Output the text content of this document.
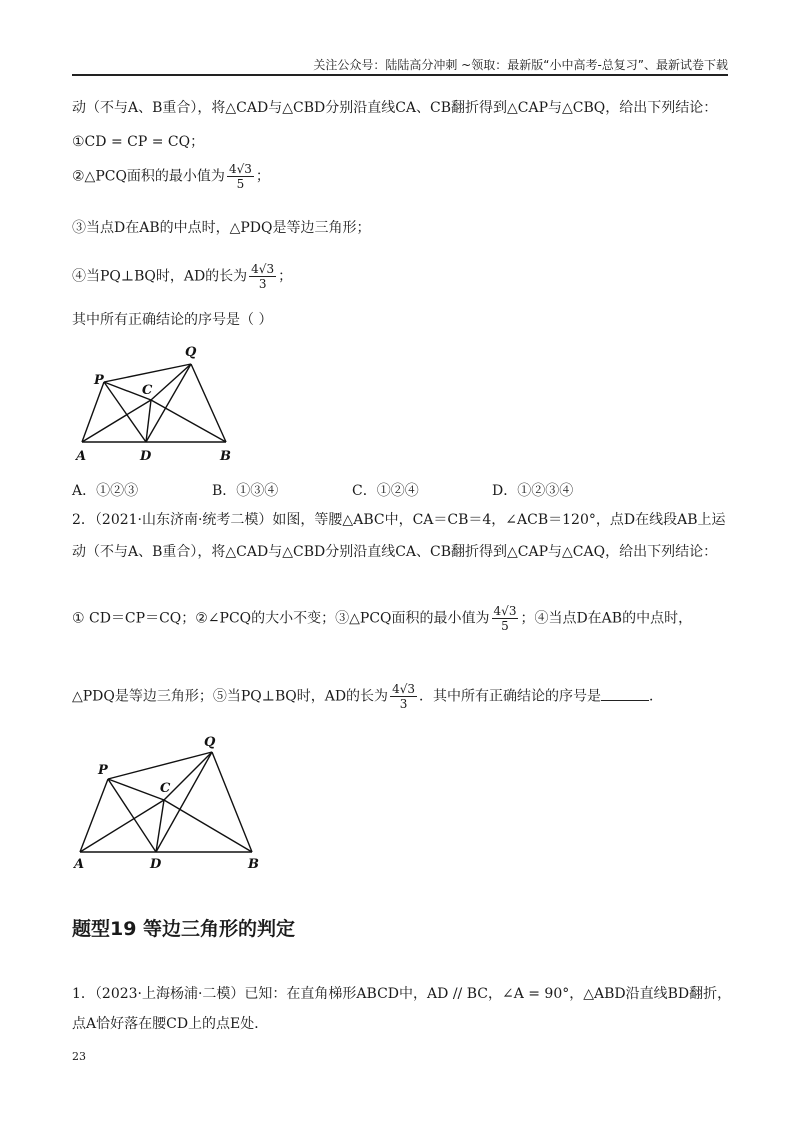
关注公众号：陆陆高分冲刺 ~领取：最新版“小中高考-总复习”、最新试卷下载
动（不与A、B重合），将△CAD与△CBD分别沿直线CA、CB翻折得到△CAP与△CBQ，给出下列结论：
①CD = CP = CQ；
②△PCQ面积的最小值为 $\frac{4√3}{5}$ ；
③当点D在AB的中点时，△PDQ是等边三角形；
④当PQ⊥BQ时，AD的长为 $\frac{4√3}{3}$ ；
其中所有正确结论的序号是（ ）
Q
P
C
A	D	B
A．①②③	B．①③④	C．①②④	D．①②③④
2．（2021·山东济南·统考二模）如图，等腰△ABC中，CA＝CB＝4，∠ACB＝120°，点D在线段AB上运
动（不与A、B重合），将△CAD与△CBD分别沿直线CA、CB翻折得到△CAP与△CAQ，给出下列结论：
① CD＝CP＝CQ；②∠PCQ的大小不变；③△PCQ面积的最小值为 $\frac{4√3}{5}$ ；④当点D在AB的中点时，
△PDQ是等边三角形；⑤当PQ⊥BQ时，AD的长为 $\frac{4√3}{3}$ ．其中所有正确结论的序号是	．
Q
P
C
A	D	B
题型19 等边三角形的判定
1．（2023·上海杨浦·二模）已知：在直角梯形ABCD中，AD // BC，∠A = 90°，△ABD沿直线BD翻折，
点A恰好落在腰CD上的点E处．
23
